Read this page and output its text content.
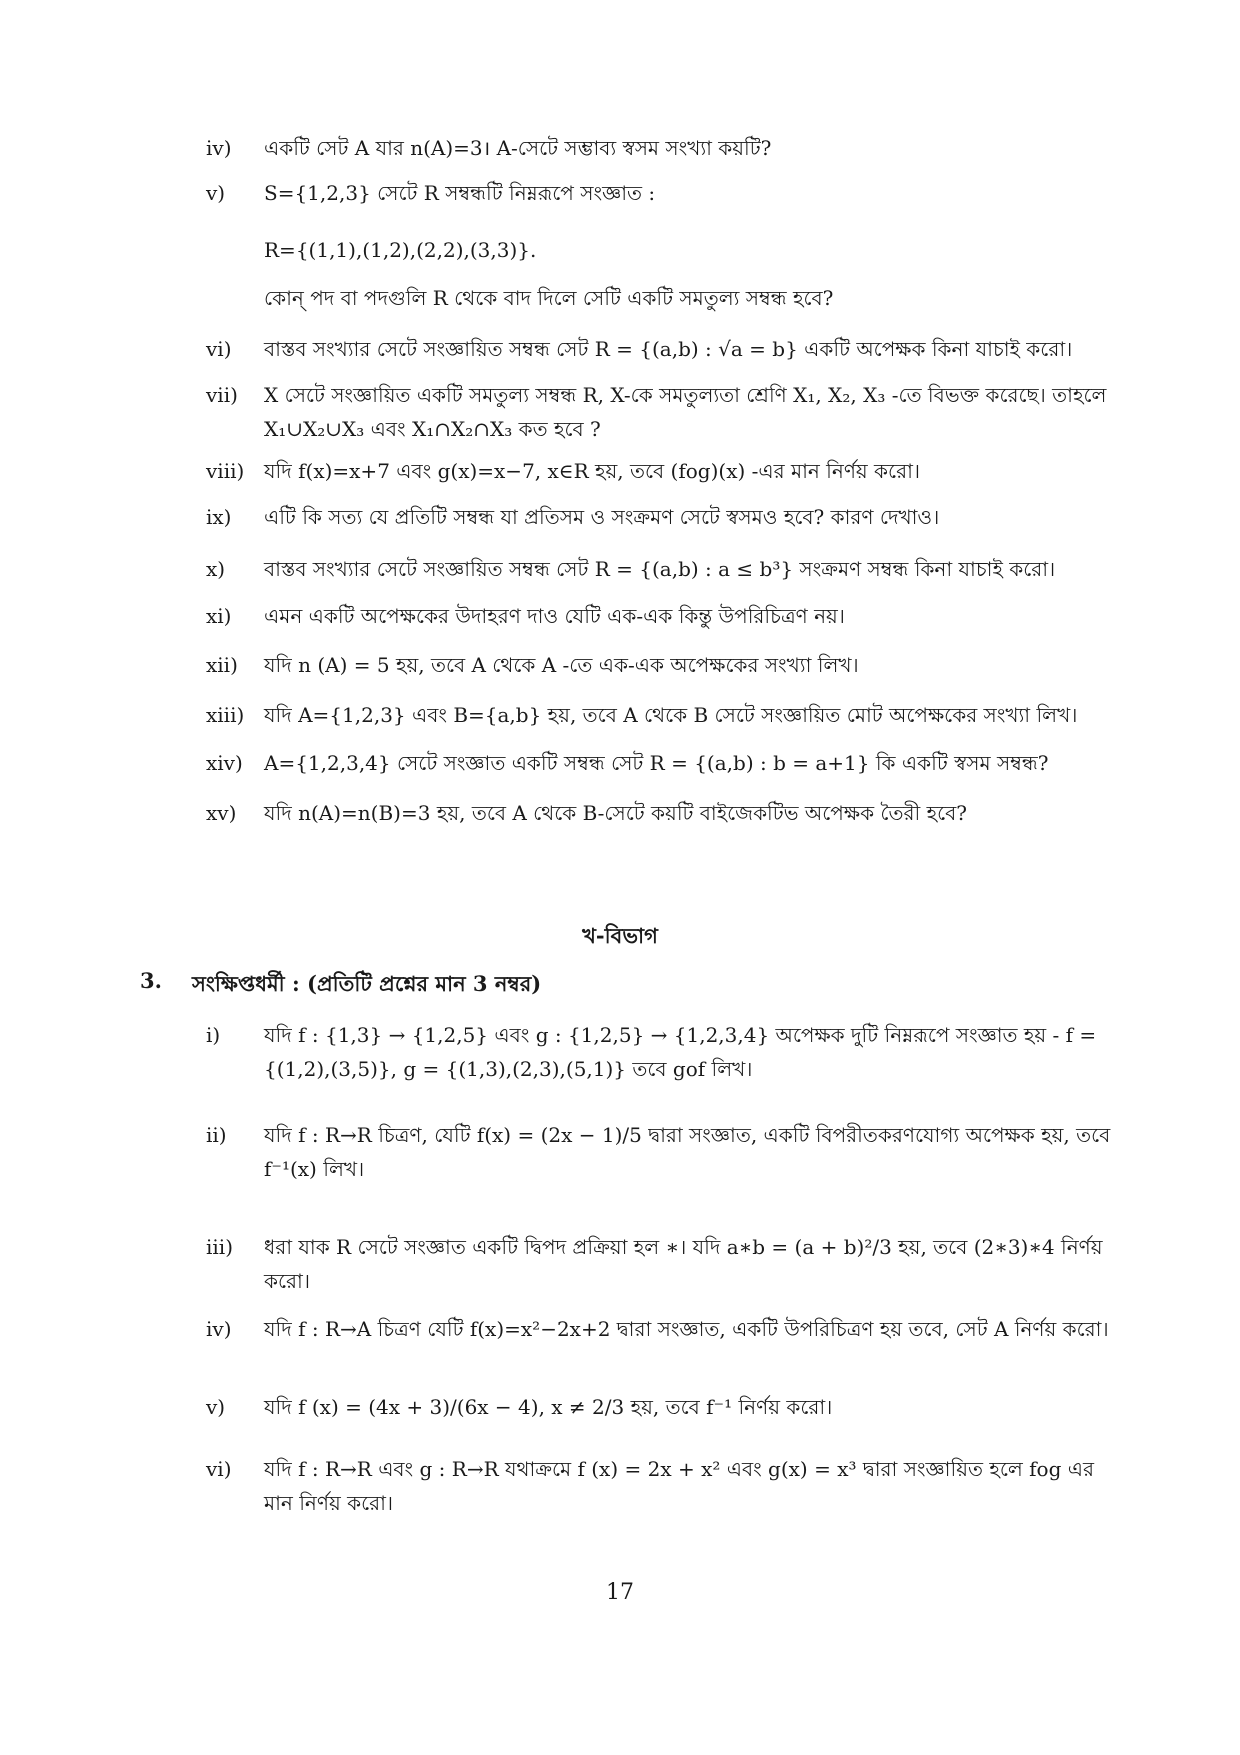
iv)	একটি সেট A যার n(A)=3। A-সেটে সম্ভাব্য স্বসম সংখ্যা কয়টি?
v)	S={1,2,3} সেটে R সম্বন্ধটি নিম্নরূপে সংজ্ঞাত :
R={(1,1),(1,2),(2,2),(3,3)}.
কোন্ পদ বা পদগুলি R থেকে বাদ দিলে সেটি একটি সমতুল্য সম্বন্ধ হবে?
vi)	বাস্তব সংখ্যার সেটে সংজ্ঞায়িত সম্বন্ধ সেট R = {(a,b) : √a = b} একটি অপেক্ষক কিনা যাচাই করো।
vii)	X সেটে সংজ্ঞায়িত একটি সমতুল্য সম্বন্ধ R, X-কে সমতুল্যতা শ্রেণি X₁, X₂, X₃ -তে বিভক্ত করেছে। তাহলে X₁∪X₂∪X₃ এবং X₁∩X₂∩X₃ কত হবে ?
viii) যদি f(x)=x+7 এবং g(x)=x−7, x∈R হয়, তবে (fog)(x) -এর মান নির্ণয় করো।
ix)	এটি কি সত্য যে প্রতিটি সম্বন্ধ যা প্রতিসম ও সংক্রমণ সেটে স্বসমও হবে? কারণ দেখাও।
x)	বাস্তব সংখ্যার সেটে সংজ্ঞায়িত সম্বন্ধ সেট R = {(a,b) : a ≤ b³} সংক্রমণ সম্বন্ধ কিনা যাচাই করো।
xi)	এমন একটি অপেক্ষকের উদাহরণ দাও যেটি এক-এক কিন্তু উপরিচিত্রণ নয়।
xii)	যদি n (A) = 5 হয়, তবে A থেকে A -তে এক-এক অপেক্ষকের সংখ্যা লিখ।
xiii) যদি A={1,2,3} এবং B={a,b} হয়, তবে A থেকে B সেটে সংজ্ঞায়িত মোট অপেক্ষকের সংখ্যা লিখ।
xiv)	A={1,2,3,4} সেটে সংজ্ঞাত একটি সম্বন্ধ সেট R = {(a,b) : b = a+1} কি একটি স্বসম সম্বন্ধ?
xv)	যদি n(A)=n(B)=3 হয়, তবে A থেকে B-সেটে কয়টি বাইজেকটিভ অপেক্ষক তৈরী হবে?
খ-বিভাগ
3. সংক্ষিপ্তধর্মী : (প্রতিটি প্রশ্নের মান 3 নম্বর)
i)	যদি f : {1,3} → {1,2,5} এবং g : {1,2,5} → {1,2,3,4} অপেক্ষক দুটি নিম্নরূপে সংজ্ঞাত হয় - f = {(1,2),(3,5)}, g = {(1,3),(2,3),(5,1)} তবে gof লিখ।
ii)	যদি f : R→R চিত্রণ, যেটি f(x) = (2x − 1)/5 দ্বারা সংজ্ঞাত, একটি বিপরীতকরণযোগ্য অপেক্ষক হয়, তবে f⁻¹(x) লিখ।
iii)	ধরা যাক R সেটে সংজ্ঞাত একটি দ্বিপদ প্রক্রিয়া হল ∗। যদি a∗b = (a + b)²/3 হয়, তবে (2∗3)∗4 নির্ণয় করো।
iv)	যদি f : R→A চিত্রণ যেটি f(x)=x²−2x+2 দ্বারা সংজ্ঞাত, একটি উপরিচিত্রণ হয় তবে, সেট A নির্ণয় করো।
v)	যদি f (x) = (4x + 3)/(6x − 4), x ≠ 2/3 হয়, তবে f⁻¹ নির্ণয় করো।
vi)	যদি f : R→R এবং g : R→R যথাক্রমে f (x) = 2x + x² এবং g(x) = x³ দ্বারা সংজ্ঞায়িত হলে fog এর মান নির্ণয় করো।
17
